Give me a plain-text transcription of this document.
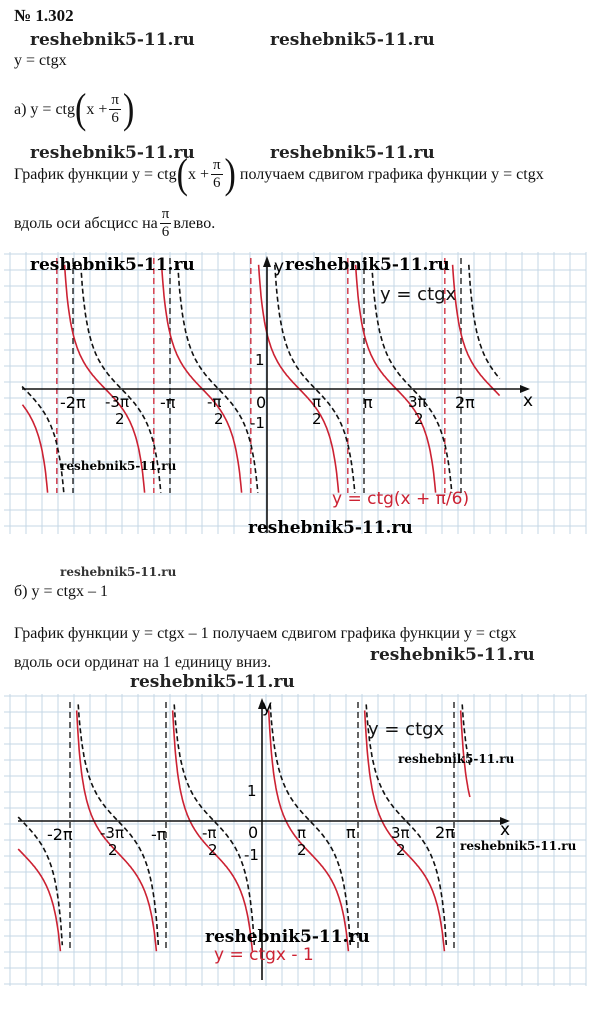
№ 1.302
reshebnik5-11.ru	reshebnik5-11.ru
y = ctgx
а) y = ctg ( $x + \frac{\pi}{6}$ )
reshebnik5-11.ru	reshebnik5-11.ru
График функции y = ctg ( $x + \frac{\pi}{6}$ ) получаем сдвигом графика функции y = ctgx
вдоль оси абсцисс на $\frac{\pi}{6}$ влево.
x
y
-2π -3π
2
-π -π
2
0	π
2
π 3π
2
2π
1
-1
y = ctgx
y = ctg(x + π/6)
reshebnik5-11.ru	reshebnik5-11.ru
reshebnik5-11.ru
reshebnik5-11.ru
reshebnik5-11.ru
б) y = ctgx – 1
График функции y = ctgx – 1 получаем сдвигом графика функции y = ctgx
reshebnik5-11.ru
вдоль оси ординат на 1 единицу вниз.
reshebnik5-11.ru
x
y
-2π -3π
2
-π -π
2
0	π
2
π 3π
2
2π
1
-1
y = ctgx
y = ctgx - 1
reshebnik5-11.ru
reshebnik5-11.ru
reshebnik5-11.ru
